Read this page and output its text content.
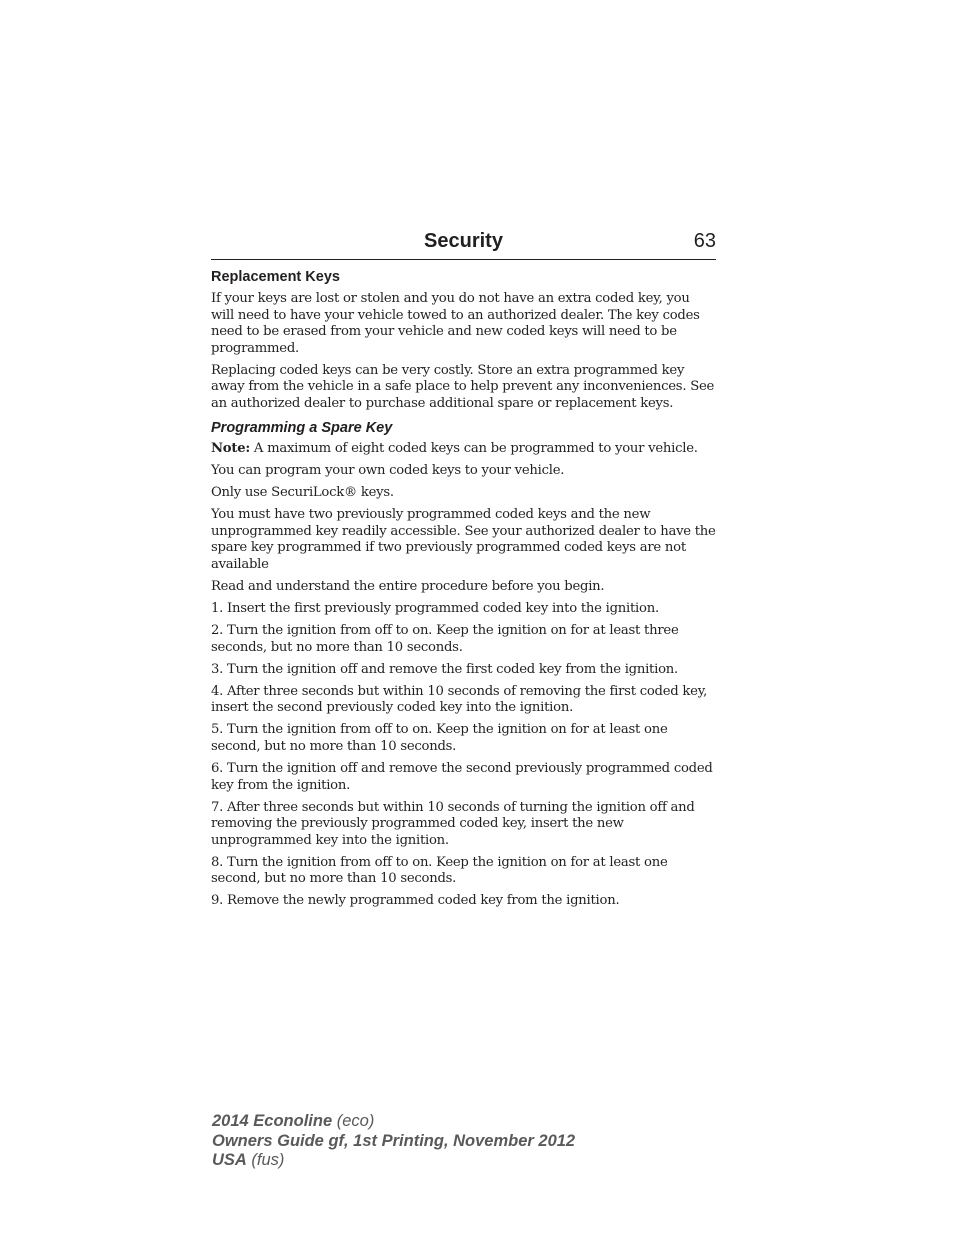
Security	63
Replacement Keys

If your keys are lost or stolen and you do not have an extra coded key, you will need to have your vehicle towed to an authorized dealer. The key codes need to be erased from your vehicle and new coded keys will need to be programmed.

Replacing coded keys can be very costly. Store an extra programmed key away from the vehicle in a safe place to help prevent any inconveniences. See an authorized dealer to purchase additional spare or replacement keys.

Programming a Spare Key

Note: A maximum of eight coded keys can be programmed to your vehicle.

You can program your own coded keys to your vehicle.

Only use SecuriLock® keys.

You must have two previously programmed coded keys and the new unprogrammed key readily accessible. See your authorized dealer to have the spare key programmed if two previously programmed coded keys are not available

Read and understand the entire procedure before you begin.

1. Insert the first previously programmed coded key into the ignition.

2. Turn the ignition from off to on. Keep the ignition on for at least three seconds, but no more than 10 seconds.

3. Turn the ignition off and remove the first coded key from the ignition.

4. After three seconds but within 10 seconds of removing the first coded key, insert the second previously coded key into the ignition.

5. Turn the ignition from off to on. Keep the ignition on for at least one second, but no more than 10 seconds.

6. Turn the ignition off and remove the second previously programmed coded key from the ignition.

7. After three seconds but within 10 seconds of turning the ignition off and removing the previously programmed coded key, insert the new unprogrammed key into the ignition.

8. Turn the ignition from off to on. Keep the ignition on for at least one second, but no more than 10 seconds.

9. Remove the newly programmed coded key from the ignition.

2014 Econoline (eco)
Owners Guide gf, 1st Printing, November 2012
USA (fus)
